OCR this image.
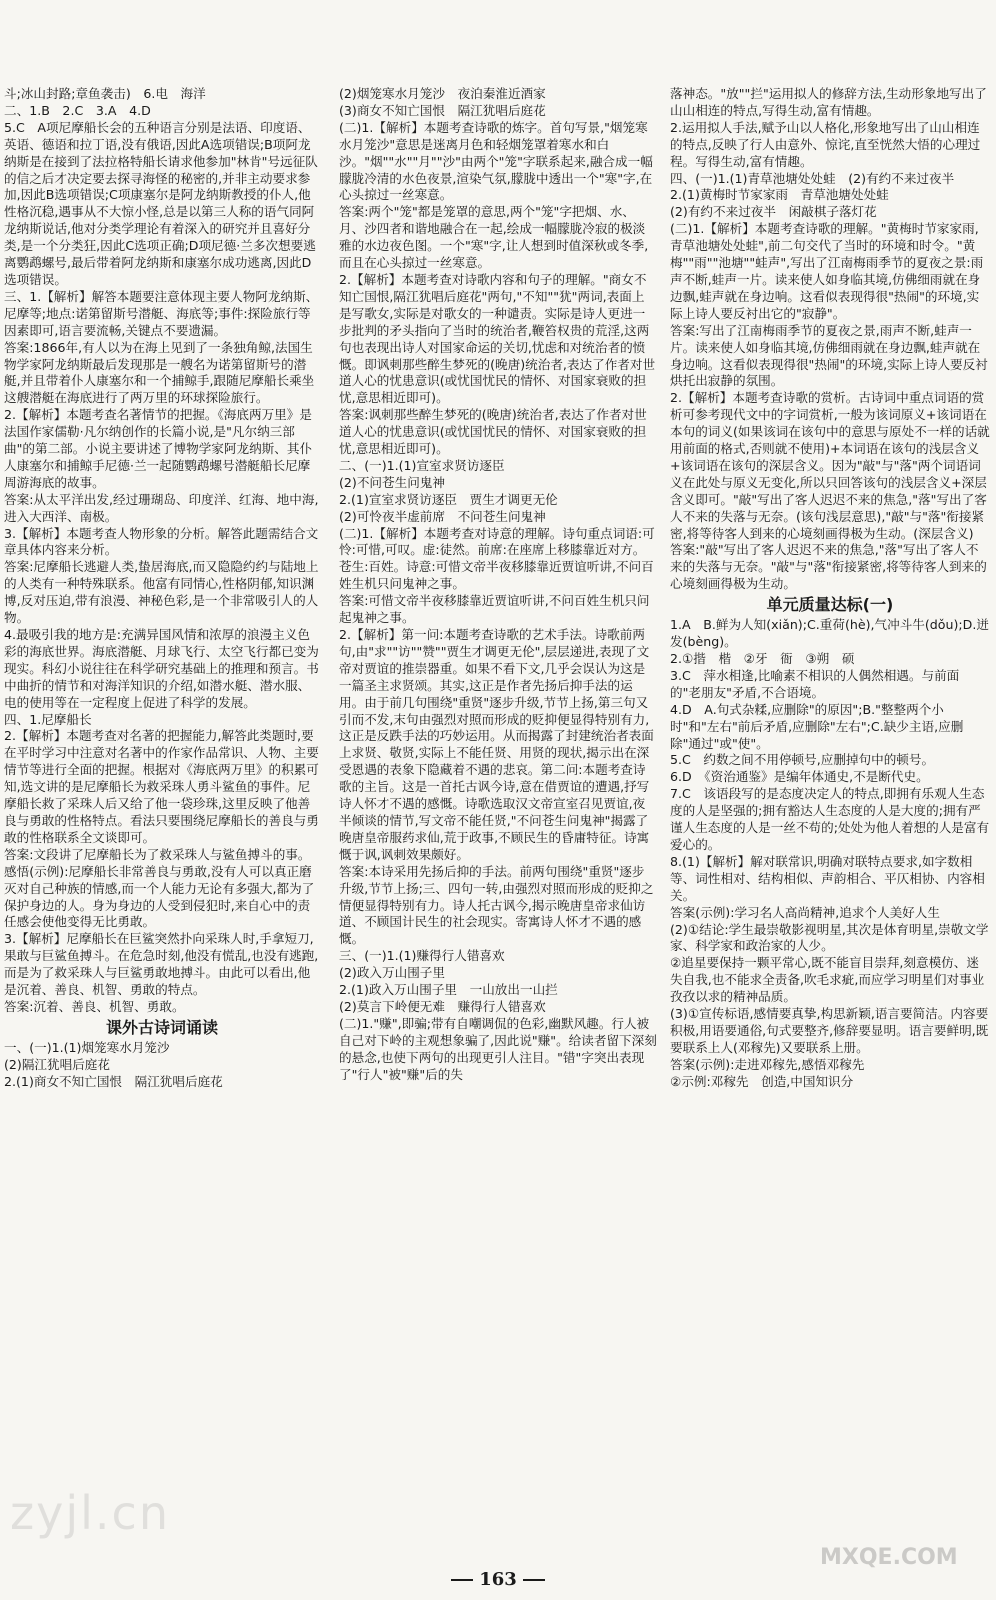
斗;冰山封路;章鱼袭击)　6.电　海洋

二、1.B　2.C　3.A　4.D

5.C　A项尼摩船长会的五种语言分别是法语、印度语、英语、德语和拉丁语,没有俄语,因此A选项错误;B项阿龙纳斯是在接到了法拉格特船长请求他参加"林肯"号远征队的信之后才决定要去探寻海怪的秘密的,并非主动要求参加,因此B选项错误;C项康塞尔是阿龙纳斯教授的仆人,他性格沉稳,遇事从不大惊小怪,总是以第三人称的语气同阿龙纳斯说话,他对分类学理论有着深入的研究并且喜好分类,是一个分类狂,因此C选项正确;D项尼德·兰多次想要逃离鹦鹉螺号,最后带着阿龙纳斯和康塞尔成功逃离,因此D选项错误。

三、1.【解析】解答本题要注意体现主要人物阿龙纳斯、尼摩等;地点:诺第留斯号潜艇、海底等;事件:探险旅行等因素即可,语言要流畅,关键点不要遗漏。

答案:1866年,有人以为在海上见到了一条独角鲸,法国生物学家阿龙纳斯最后发现那是一艘名为诺第留斯号的潜艇,并且带着仆人康塞尔和一个捕鲸手,跟随尼摩船长乘坐这艘潜艇在海底进行了两万里的环球探险旅行。

2.【解析】本题考查名著情节的把握。《海底两万里》是法国作家儒勒·凡尔纳创作的长篇小说,是"凡尔纳三部曲"的第二部。小说主要讲述了博物学家阿龙纳斯、其仆人康塞尔和捕鲸手尼德·兰一起随鹦鹉螺号潜艇船长尼摩周游海底的故事。

答案:从太平洋出发,经过珊瑚岛、印度洋、红海、地中海,进入大西洋、南极。

3.【解析】本题考查人物形象的分析。解答此题需结合文章具体内容来分析。

答案:尼摩船长逃避人类,蛰居海底,而又隐隐约约与陆地上的人类有一种特殊联系。他富有同情心,性格阴郁,知识渊博,反对压迫,带有浪漫、神秘色彩,是一个非常吸引人的人物。

4.最吸引我的地方是:充满异国风情和浓厚的浪漫主义色彩的海底世界。海底潜艇、月球飞行、太空飞行都已变为现实。科幻小说往往在科学研究基础上的推理和预言。书中曲折的情节和对海洋知识的介绍,如潜水艇、潜水服、电的使用等在一定程度上促进了科学的发展。

四、1.尼摩船长

2.【解析】本题考查对名著的把握能力,解答此类题时,要在平时学习中注意对名著中的作家作品常识、人物、主要情节等进行全面的把握。根据对《海底两万里》的积累可知,选文讲的是尼摩船长为救采珠人勇斗鲨鱼的事件。尼摩船长救了采珠人后又给了他一袋珍珠,这里反映了他善良与勇敢的性格特点。看法只要围绕尼摩船长的善良与勇敢的性格联系全文谈即可。

答案:文段讲了尼摩船长为了救采珠人与鲨鱼搏斗的事。

感悟(示例):尼摩船长非常善良与勇敢,没有人可以真正磨灭对自己种族的情感,而一个人能力无论有多强大,都为了保护身边的人。身为身边的人受到侵犯时,来自心中的责任感会使他变得无比勇敢。

3.【解析】尼摩船长在巨鲨突然扑向采珠人时,手拿短刀,果敢与巨鲨鱼搏斗。在危急时刻,他没有慌乱,也没有逃跑,而是为了救采珠人与巨鲨勇敢地搏斗。由此可以看出,他是沉着、善良、机智、勇敢的特点。

答案:沉着、善良、机智、勇敢。

课外古诗词诵读

一、(一)1.(1)烟笼寒水月笼沙

(2)隔江犹唱后庭花

2.(1)商女不知亡国恨　隔江犹唱后庭花

(2)烟笼寒水月笼沙　夜泊秦淮近酒家

(3)商女不知亡国恨　隔江犹唱后庭花

(二)1.【解析】本题考查诗歌的炼字。首句写景,"烟笼寒水月笼沙"意思是迷离月色和轻烟笼罩着寒水和白沙。"烟""水""月""沙"由两个"笼"字联系起来,融合成一幅朦胧冷清的水色夜景,渲染气氛,朦胧中透出一个"寒"字,在心头掠过一丝寒意。

答案:两个"笼"都是笼罩的意思,两个"笼"字把烟、水、月、沙四者和谐地融合在一起,绘成一幅朦胧冷寂的极淡雅的水边夜色图。一个"寒"字,让人想到时值深秋或冬季,而且在心头掠过一丝寒意。

2.【解析】本题考查对诗歌内容和句子的理解。"商女不知亡国恨,隔江犹唱后庭花"两句,"不知""犹"两词,表面上是写歌女,实际是对歌女的一种谴责。实际是诗人更进一步批判的矛头指向了当时的统治者,鞭笞权贵的荒淫,这两句也表现出诗人对国家命运的关切,忧虑和对统治者的愤慨。即讽刺那些醉生梦死的(晚唐)统治者,表达了作者对世道人心的忧患意识(或忧国忧民的情怀、对国家衰败的担忧,意思相近即可)。

答案:讽刺那些醉生梦死的(晚唐)统治者,表达了作者对世道人心的忧患意识(或忧国忧民的情怀、对国家衰败的担忧,意思相近即可)。

二、(一)1.(1)宣室求贤访逐臣

(2)不问苍生问鬼神

2.(1)宣室求贤访逐臣　贾生才调更无伦

(2)可怜夜半虚前席　不问苍生问鬼神

(二)1.【解析】本题考查对诗意的理解。诗句重点词语:可怜:可惜,可叹。虚:徒然。前席:在座席上移膝靠近对方。苍生:百姓。诗意:可惜文帝半夜移膝靠近贾谊听讲,不问百姓生机只问鬼神之事。

答案:可惜文帝半夜移膝靠近贾谊听讲,不问百姓生机只问起鬼神之事。

2.【解析】第一问:本题考查诗歌的艺术手法。诗歌前两句,由"求""访""赞""贾生才调更无伦",层层递进,表现了文帝对贾谊的推崇器重。如果不看下文,几乎会误认为这是一篇圣主求贤颂。其实,这正是作者先扬后抑手法的运用。由于前几句围绕"重贤"逐步升级,节节上扬,第三句又引而不发,末句由强烈对照而形成的贬抑便显得特别有力,这正是反跌手法的巧妙运用。从而揭露了封建统治者表面上求贤、敬贤,实际上不能任贤、用贤的现状,揭示出在深受恩遇的表象下隐藏着不遇的悲哀。第二问:本题考查诗歌的主旨。这是一首托古讽今诗,意在借贾谊的遭遇,抒写诗人怀才不遇的感慨。诗歌选取汉文帝宣室召见贾谊,夜半倾谈的情节,写文帝不能任贤,"不问苍生问鬼神"揭露了晚唐皇帝服药求仙,荒于政事,不顾民生的昏庸特征。诗寓慨于讽,讽刺效果颇好。

答案:本诗采用先扬后抑的手法。前两句围绕"重贤"逐步升级,节节上扬;三、四句一转,由强烈对照而形成的贬抑之情便显得特别有力。诗人托古讽今,揭示晚唐皇帝求仙访道、不顾国计民生的社会现实。寄寓诗人怀才不遇的感慨。

三、(一)1.(1)赚得行人错喜欢

(2)政入万山围子里

2.(1)政入万山围子里　一山放出一山拦

(2)莫言下岭便无难　赚得行人错喜欢

(二)1."赚",即骗;带有自嘲调侃的色彩,幽默风趣。行人被自己对下岭的主观想象骗了,因此说"赚"。给读者留下深刻的悬念,也使下两句的出现更引人注目。"错"字突出表现了"行人"被"赚"后的失

落神态。"放""拦"运用拟人的修辞方法,生动形象地写出了山山相连的特点,写得生动,富有情趣。

2.运用拟人手法,赋予山以人格化,形象地写出了山山相连的特点,反映了行人由意外、惊诧,直至恍然大悟的心理过程。写得生动,富有情趣。

四、(一)1.(1)青草池塘处处蛙　(2)有约不来过夜半

2.(1)黄梅时节家家雨　青草池塘处处蛙

(2)有约不来过夜半　闲敲棋子落灯花

(二)1.【解析】本题考查诗歌的理解。"黄梅时节家家雨,青草池塘处处蛙",前二句交代了当时的环境和时令。"黄梅""雨""池塘""蛙声",写出了江南梅雨季节的夏夜之景:雨声不断,蛙声一片。读来使人如身临其境,仿佛细雨就在身边飘,蛙声就在身边响。这看似表现得很"热闹"的环境,实际上诗人要反衬出它的"寂静"。

答案:写出了江南梅雨季节的夏夜之景,雨声不断,蛙声一片。读来使人如身临其境,仿佛细雨就在身边飘,蛙声就在身边响。这看似表现得很"热闹"的环境,实际上诗人要反衬烘托出寂静的氛围。

2.【解析】本题考查诗歌的赏析。古诗词中重点词语的赏析可参考现代文中的字词赏析,一般为该词原义+该词语在本句的词义(如果该词在该句中的意思与原处不一样的话就用前面的格式,否则就不使用)+本词语在该句的浅层含义+该词语在该句的深层含义。因为"敲"与"落"两个词语词义在此处与原义无变化,所以只回答该句的浅层含义+深层含义即可。"敲"写出了客人迟迟不来的焦急,"落"写出了客人不来的失落与无奈。(该句浅层意思),"敲"与"落"衔接紧密,将等待客人到来的心境刻画得极为生动。(深层含义)

答案:"敲"写出了客人迟迟不来的焦急,"落"写出了客人不来的失落与无奈。"敲"与"落"衔接紧密,将等待客人到来的心境刻画得极为生动。

单元质量达标(一)

1.A　B.鲜为人知(xiǎn);C.重荷(hè),气冲斗牛(dǒu);D.迸发(bèng)。

2.①揩　楷　②牙　衙　③朔　硕

3.C　萍水相逢,比喻素不相识的人偶然相遇。与前面的"老朋友"矛盾,不合语境。

4.D　A.句式杂糅,应删除"的原因";B."整整两个小时"和"左右"前后矛盾,应删除"左右";C.缺少主语,应删除"通过"或"使"。

5.C　约数之间不用停顿号,应删掉句中的顿号。

6.D　《资治通鉴》是编年体通史,不是断代史。

7.C　该语段写的是态度决定人的特点,即拥有乐观人生态度的人是坚强的;拥有豁达人生态度的人是大度的;拥有严谨人生态度的人是一丝不苟的;处处为他人着想的人是富有爱心的。

8.(1)【解析】解对联常识,明确对联特点要求,如字数相等、词性相对、结构相似、声韵相合、平仄相协、内容相关。

答案(示例):学习名人高尚精神,追求个人美好人生

(2)①结论:学生最崇敬影视明星,其次是体育明星,崇敬文学家、科学家和政治家的人少。

②追星要保持一颗平常心,既不能盲目崇拜,刻意模仿、迷失自我,也不能求全责备,吹毛求疵,而应学习明星们对事业孜孜以求的精神品质。

(3)①宣传标语,感情要真挚,构思新颖,语言要简洁。内容要积极,用语要通俗,句式要整齐,修辞要显明。语言要鲜明,既要联系上人(邓稼先)又要联系上册。

答案(示例):走进邓稼先,感悟邓稼先

②示例:邓稼先　创造,中国知识分

163
zyjl.cn
MXQE.COM
